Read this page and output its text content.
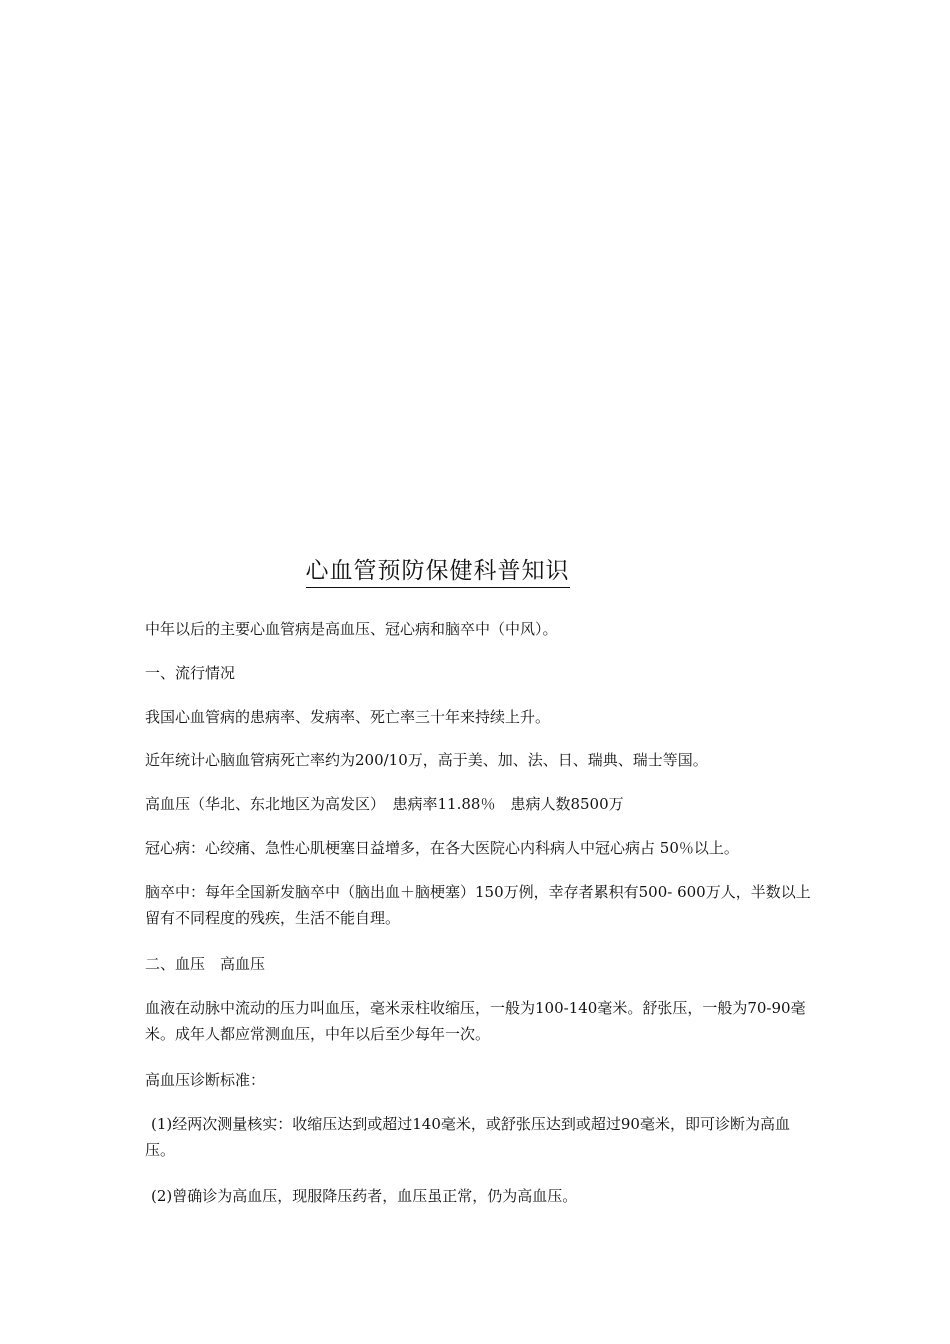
心血管预防保健科普知识
中年以后的主要心血管病是高血压、冠心病和脑卒中（中风）。
一、流行情况
我国心血管病的患病率、发病率、死亡率三十年来持续上升。
近年统计心脑血管病死亡率约为200/10万，高于美、加、法、日、瑞典、瑞士等国。
高血压（华北、东北地区为高发区）　患病率11.88％　患病人数8500万
冠心病：心绞痛、急性心肌梗塞日益增多，在各大医院心内科病人中冠心病占 50％以上。
脑卒中：每年全国新发脑卒中（脑出血＋脑梗塞）150万例，幸存者累积有500- 600万人，半数以上留有不同程度的残疾，生活不能自理。
二、血压　高血压
血液在动脉中流动的压力叫血压，毫米汞柱收缩压，一般为100-140毫米。舒张压，一般为70-90毫米。成年人都应常测血压，中年以后至少每年一次。
高血压诊断标准：
(1)经两次测量核实：收缩压达到或超过140毫米，或舒张压达到或超过90毫米，即可诊断为高血压。
(2)曾确诊为高血压，现服降压药者，血压虽正常，仍为高血压。
